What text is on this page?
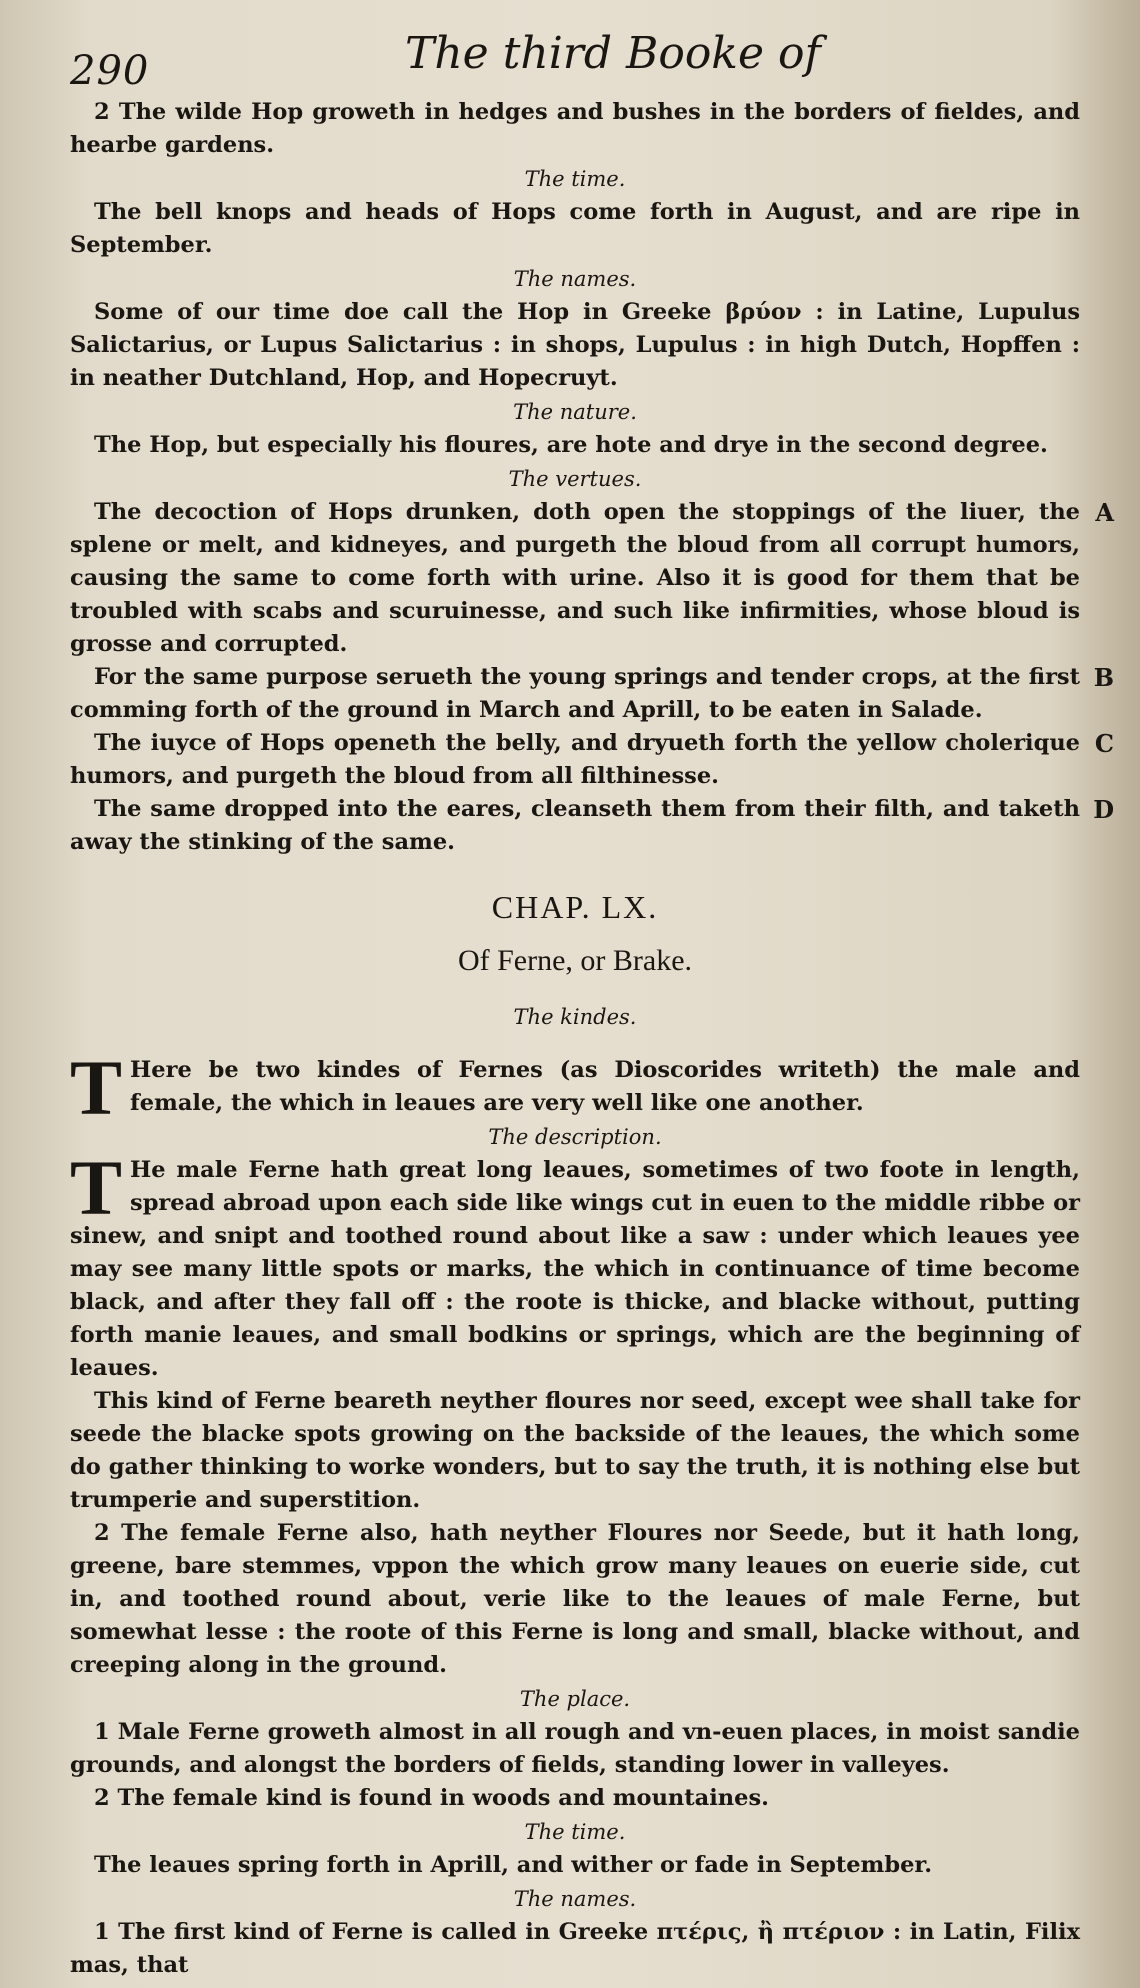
290	The third Booke of

2 The wilde Hop groweth in hedges and bushes in the borders of fieldes, and hearbe gardens.

The time.

The bell knops and heads of Hops come forth in August, and are ripe in September.

The names.

Some of our time doe call the Hop in Greeke βρύον : in Latine, Lupulus Salictarius, or Lupus Salictarius : in shops, Lupulus : in high Dutch, Hopffen : in neather Dutchland, Hop, and Hopecruyt.

The nature.

The Hop, but especially his floures, are hote and drye in the second degree.

The vertues.

The decoction of Hops drunken, doth open the stoppings of the liuer, the splene or melt, and kidneyes, and purgeth the bloud from all corrupt humors, causing the same to come forth with urine. Also it is good for them that be troubled with scabs and scuruinesse, and such like infirmities, whose bloud is grosse and corrupted.
A

For the same purpose serueth the young springs and tender crops, at the first comming forth of the ground in March and Aprill, to be eaten in Salade.
B

The iuyce of Hops openeth the belly, and dryueth forth the yellow cholerique humors, and purgeth the bloud from all filthinesse.
C

The same dropped into the eares, cleanseth them from their filth, and taketh away the stinking of the same.
D

CHAP. LX.
Of Ferne, or Brake.
The kindes.

T Here be two kindes of Fernes (as Dioscorides writeth) the male and female, the which in leaues are very well like one another.

The description.

T He male Ferne hath great long leaues, sometimes of two foote in length, spread abroad upon each side like wings cut in euen to the middle ribbe or sinew, and snipt and toothed round about like a saw : under which leaues yee may see many little spots or marks, the which in continuance of time become black, and after they fall off : the roote is thicke, and blacke without, putting forth manie leaues, and small bodkins or springs, which are the beginning of leaues.

This kind of Ferne beareth neyther floures nor seed, except wee shall take for seede the blacke spots growing on the backside of the leaues, the which some do gather thinking to worke wonders, but to say the truth, it is nothing else but trumperie and superstition.

2 The female Ferne also, hath neyther Floures nor Seede, but it hath long, greene, bare stemmes, vppon the which grow many leaues on euerie side, cut in, and toothed round about, verie like to the leaues of male Ferne, but somewhat lesse : the roote of this Ferne is long and small, blacke without, and creeping along in the ground.

The place.

1 Male Ferne groweth almost in all rough and vn-euen places, in moist sandie grounds, and alongst the borders of fields, standing lower in valleyes.

2 The female kind is found in woods and mountaines.

The time.

The leaues spring forth in Aprill, and wither or fade in September.

The names.

1 The first kind of Ferne is called in Greeke πτέρις, ἢ πτέριον : in Latin, Filix mas, that
